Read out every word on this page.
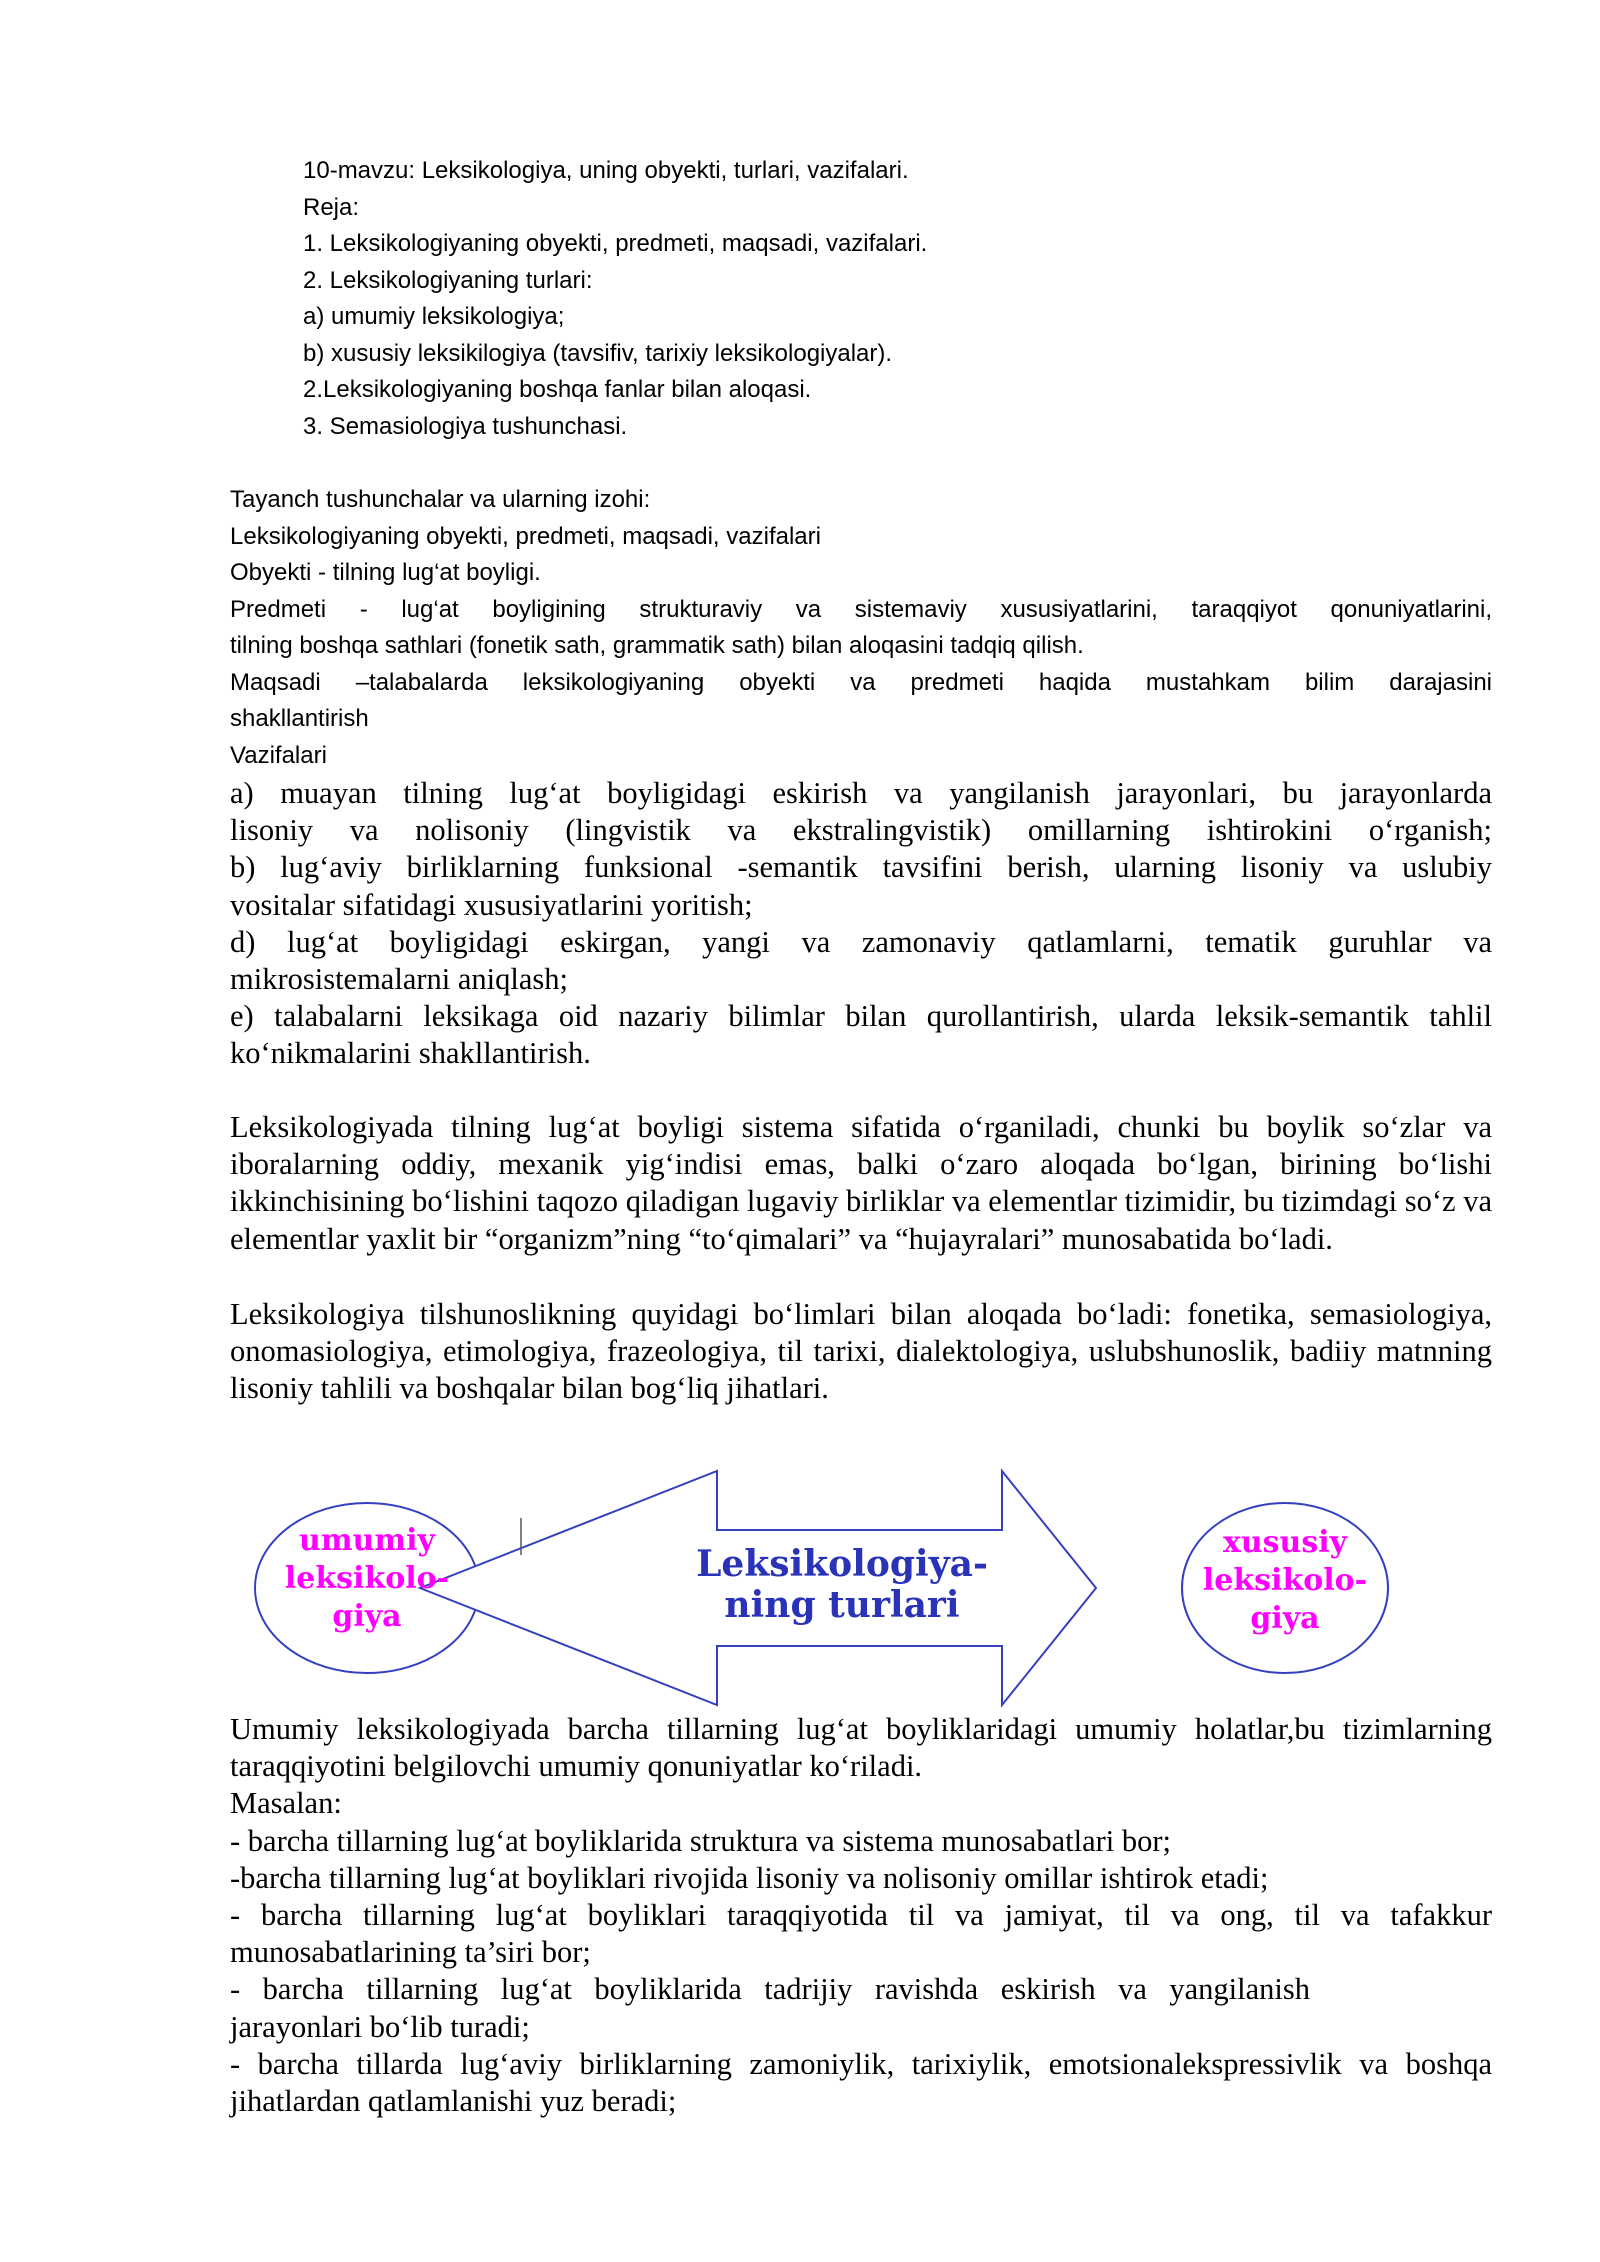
10-mavzu: Leksikologiya, uning obyekti, turlari, vazifalari.
Reja:
1. Leksikologiyaning obyekti, predmeti, maqsadi, vazifalari.
2. Leksikologiyaning turlari:
a) umumiy leksikologiya;
b) xususiy leksikilogiya (tavsifiv, tarixiy leksikologiyalar).
2.Leksikologiyaning boshqa fanlar bilan aloqasi.
3. Semasiologiya tushunchasi.
Tayanch tushunchalar va ularning izohi:
Leksikologiyaning obyekti, predmeti, maqsadi, vazifalari
Obyekti - tilning lug‘at boyligi.
Predmeti - lug‘at boyligining strukturaviy va sistemaviy xususiyatlarini, taraqqiyot qonuniyatlarini,
tilning boshqa sathlari (fonetik sath, grammatik sath) bilan aloqasini tadqiq qilish.
Maqsadi –talabalarda leksikologiyaning obyekti va predmeti haqida mustahkam bilim darajasini
shakllantirish
Vazifalari
a) muayan tilning lug‘at boyligidagi eskirish va yangilanish jarayonlari, bu jarayonlarda
lisoniy va nolisoniy (lingvistik va ekstralingvistik) omillarning ishtirokini o‘rganish;
b) lug‘aviy birliklarning funksional -semantik tavsifini berish, ularning lisoniy va uslubiy
vositalar sifatidagi xususiyatlarini yoritish;
d) lug‘at boyligidagi eskirgan, yangi va zamonaviy qatlamlarni, tematik guruhlar va
mikrosistemalarni aniqlash;
e) talabalarni leksikaga oid nazariy bilimlar bilan qurollantirish, ularda leksik-semantik tahlil
ko‘nikmalarini shakllantirish.
Leksikologiyada tilning lug‘at boyligi sistema sifatida o‘rganiladi, chunki bu boylik so‘zlar va iboralarning oddiy, mexanik yig‘indisi emas, balki o‘zaro aloqada bo‘lgan, birining bo‘lishi ikkinchisining bo‘lishini taqozo qiladigan lugaviy birliklar va elementlar tizimidir, bu tizimdagi so‘z va elementlar yaxlit bir “organizm”ning “to‘qimalari” va “hujayralari” munosabatida bo‘ladi.
Leksikologiya tilshunoslikning quyidagi bo‘limlari bilan aloqada bo‘ladi: fonetika, semasiologiya, onomasiologiya, etimologiya, frazeologiya, til tarixi, dialektologiya, uslubshunoslik, badiiy matnning lisoniy tahlili va boshqalar bilan bog‘liq jihatlari.
umumiy
leksikolo-
giya
Leksikologiya-
ning turlari
xususiy
leksikolo-
giya
Umumiy leksikologiyada barcha tillarning lug‘at boyliklaridagi umumiy holatlar,bu tizimlarning taraqqiyotini belgilovchi umumiy qonuniyatlar ko‘riladi.
Masalan:
- barcha tillarning lug‘at boyliklarida struktura va sistema munosabatlari bor;
-barcha tillarning lug‘at boyliklari rivojida lisoniy va nolisoniy omillar ishtirok etadi;
- barcha tillarning lug‘at boyliklari taraqqiyotida til va jamiyat, til va ong, til va tafakkur munosabatlarining ta’siri bor;
- barcha tillarning lug‘at boyliklarida tadrijiy ravishda eskirish va yangilanish
jarayonlari bo‘lib turadi;
- barcha tillarda lug‘aviy birliklarning zamoniylik, tarixiylik, emotsionalekspressivlik va boshqa jihatlardan qatlamlanishi yuz beradi;
